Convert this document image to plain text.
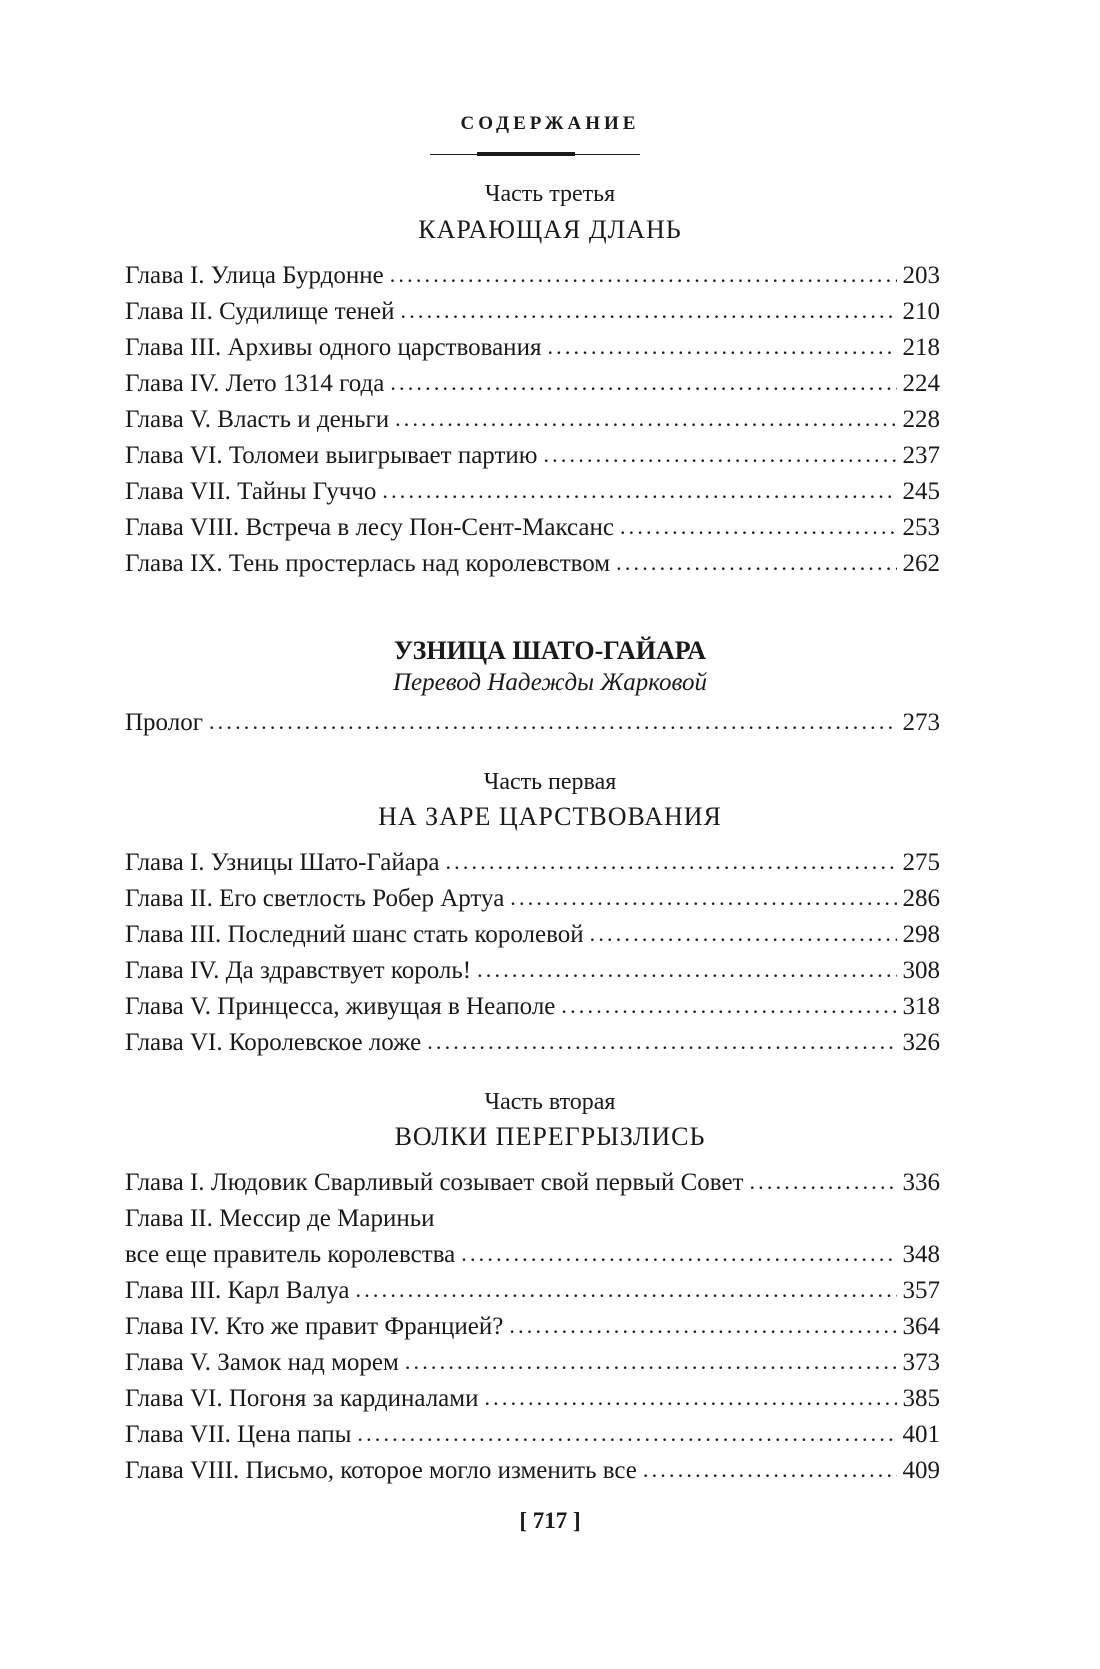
СОДЕРЖАНИЕ
Часть третья
КАРАЮЩАЯ ДЛАНЬ
Глава I. Улица Бурдонне .....	203
Глава II. Судилище теней .....	210
Глава III. Архивы одного царствования .....	218
Глава IV. Лето 1314 года .....	224
Глава V. Власть и деньги .....	228
Глава VI. Толомеи выигрывает партию .....	237
Глава VII. Тайны Гуччо .....	245
Глава VIII. Встреча в лесу Пон-Сент-Максанс .....	253
Глава IX. Тень простерлась над королевством .....	262
УЗНИЦА ШАТО-ГАЙАРА
Перевод Надежды Жарковой
Пролог .....	273
Часть первая
НА ЗАРЕ ЦАРСТВОВАНИЯ
Глава I. Узницы Шато-Гайара .....	275
Глава II. Его светлость Робер Артуа .....	286
Глава III. Последний шанс стать королевой .....	298
Глава IV. Да здравствует король! .....	308
Глава V. Принцесса, живущая в Неаполе .....	318
Глава VI. Королевское ложе .....	326
Часть вторая
ВОЛКИ ПЕРЕГРЫЗЛИСЬ
Глава I. Людовик Сварливый созывает свой первый Совет .....	336
Глава II. Мессир де Мариньи
все еще правитель королевства .....	348
Глава III. Карл Валуа .....	357
Глава IV. Кто же правит Францией? .....	364
Глава V. Замок над морем .....	373
Глава VI. Погоня за кардиналами .....	385
Глава VII. Цена папы .....	401
Глава VIII. Письмо, которое могло изменить все .....	409
[ 717 ]
